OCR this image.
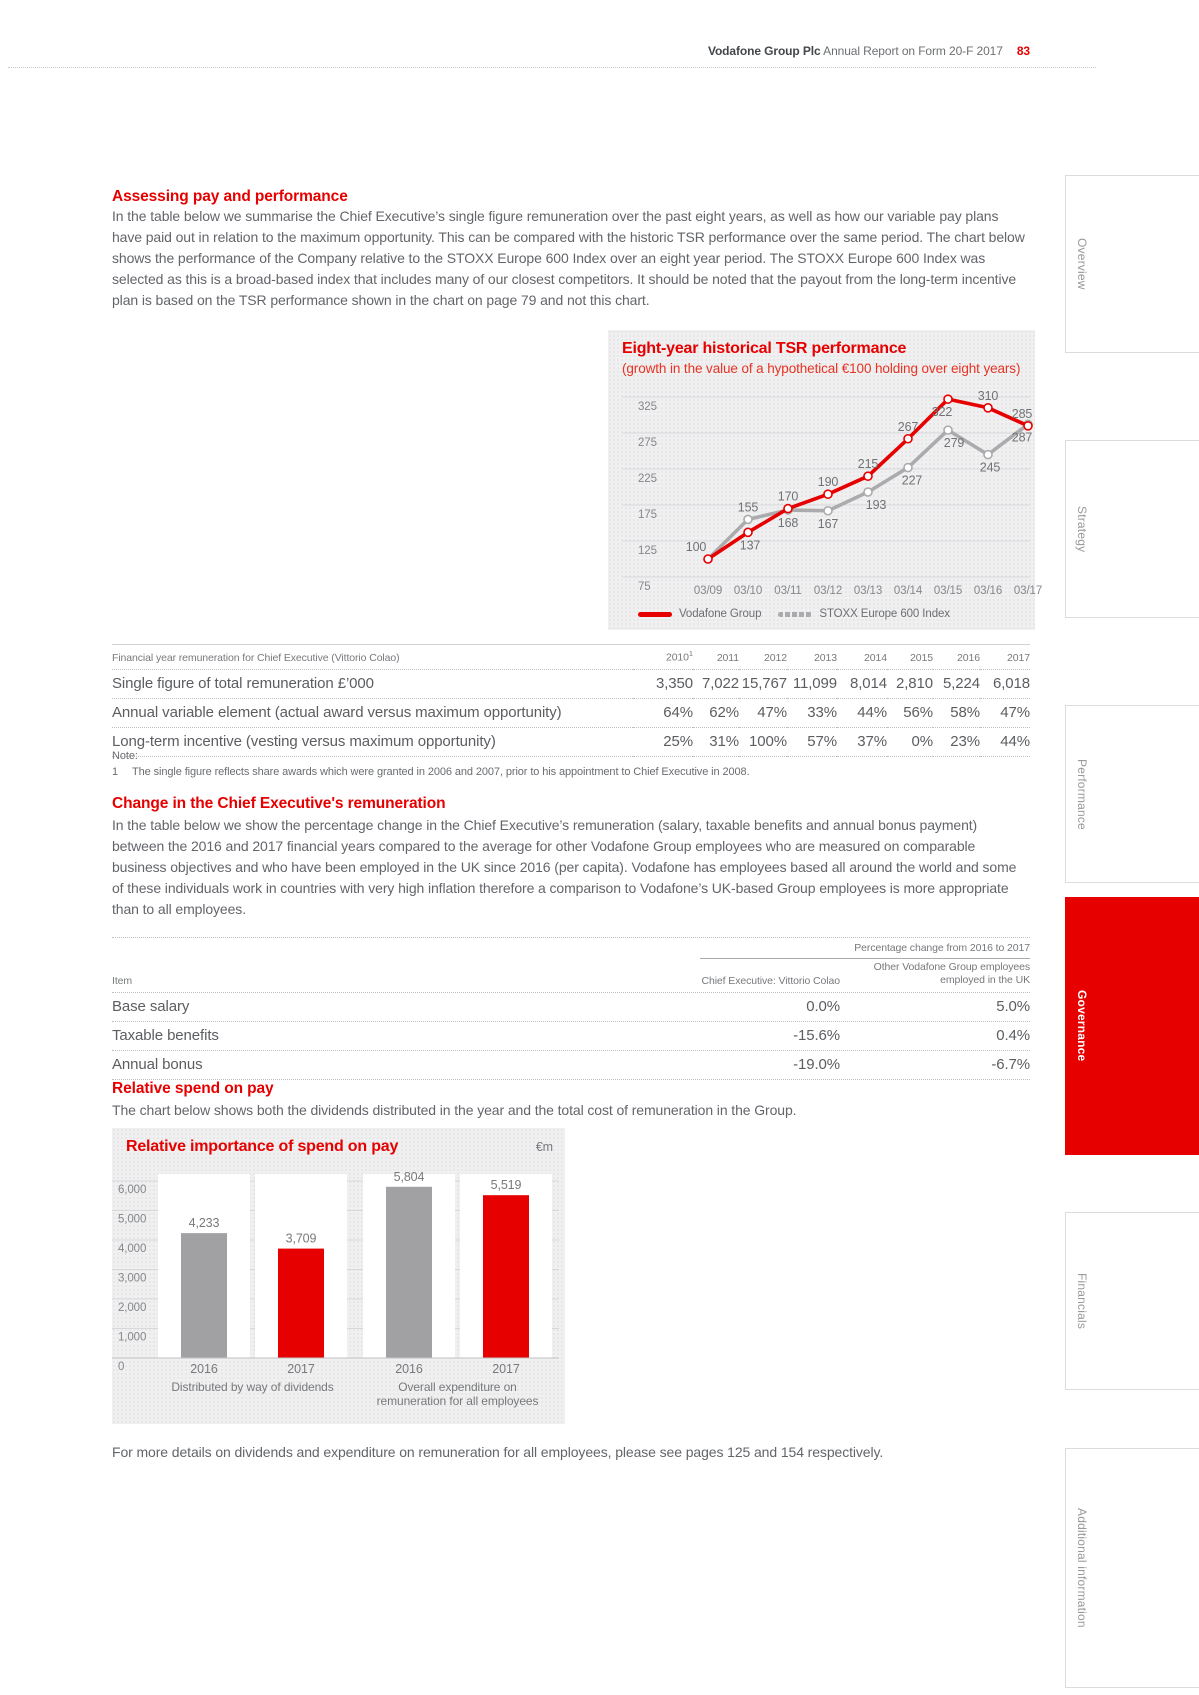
Vodafone Group Plc Annual Report on Form 20-F 2017 83
Assessing pay and performance
In the table below we summarise the Chief Executive’s single figure remuneration over the past eight years, as well as how our variable pay plans have paid out in relation to the maximum opportunity. This can be compared with the historic TSR performance over the same period. The chart below shows the performance of the Company relative to the STOXX Europe 600 Index over an eight year period. The STOXX Europe 600 Index was selected as this is a broad-based index that includes many of our closest competitors. It should be noted that the payout from the long-term incentive plan is based on the TSR performance shown in the chart on page 79 and not this chart.
Eight-year historical TSR performance
(growth in the value of a hypothetical €100 holding over eight years)
325
275
225
175
125
75	03/09 03/10 03/11 03/12 03/13 03/14 03/15 03/16 03/17
155
168 167
193
227
279
245
287
100	137
170
190
215
267
322
310
285
Vodafone Group	STOXX Europe 600 Index
Financial year remuneration for Chief Executive (Vittorio Colao)	2010$^1$	2011	2012	2013	2014	2015	2016	2017
Single figure of total remuneration £’000	3,350	7,022	15,767	11,099	8,014	2,810	5,224	6,018
Annual variable element (actual award versus maximum opportunity)	64%	62%	47%	33%	44%	56%	58%	47%
Long-term incentive (vesting versus maximum opportunity)	25%	31%	100%	57%	37%	0%	23%	44%
Note:
1 The single figure reflects share awards which were granted in 2006 and 2007, prior to his appointment to Chief Executive in 2008.
Change in the Chief Executive's remuneration
In the table below we show the percentage change in the Chief Executive’s remuneration (salary, taxable benefits and annual bonus payment) between the 2016 and 2017 financial years compared to the average for other Vodafone Group employees who are measured on comparable business objectives and who have been employed in the UK since 2016 (per capita). Vodafone has employees based all around the world and some of these individuals work in countries with very high inflation therefore a comparison to Vodafone’s UK-based Group employees is more appropriate than to all employees.
Percentage change from 2016 to 2017
Item	Chief Executive: Vittorio Colao
Other Vodafone Group employees
employed in the UK
Base salary	0.0%	5.0%
Taxable benefits	-15.6%	0.4%
Annual bonus	-19.0%	-6.7%
Relative spend on pay
The chart below shows both the dividends distributed in the year and the total cost of remuneration in the Group.
Relative importance of spend on pay	€m
6,000
5,000
4,000
3,000
2,000
1,000
0
4,233
2016
3,709
2017
Distributed by way of dividends
5,804
2016
5,519
2017
Overall expenditure on
remuneration for all employees
For more details on dividends and expenditure on remuneration for all employees, please see pages 125 and 154 respectively.
Overview
Strategy
Performance
Governance
Financials
Additional information
